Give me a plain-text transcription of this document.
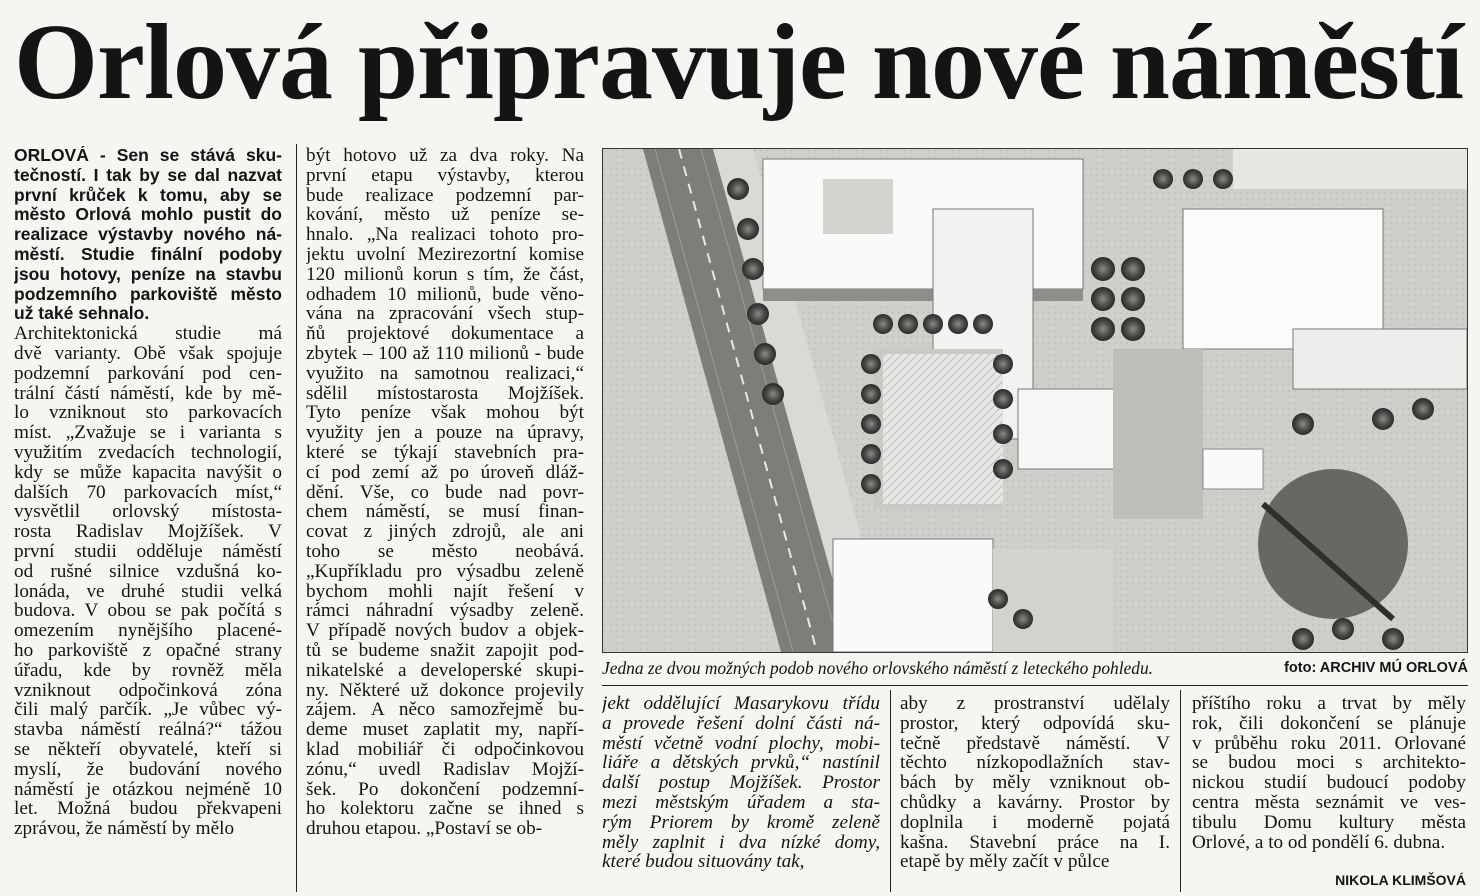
Orlová připravuje nové náměstí

ORLOVÁ - Sen se stává sku-

tečností. I tak by se dal nazvat

první krůček k tomu, aby se

město Orlová mohlo pustit do

realizace výstavby nového ná-

městí. Studie finální podoby

jsou hotovy, peníze na stavbu

podzemního parkoviště město

už také sehnalo.

Architektonická studie má

dvě varianty. Obě však spojuje

podzemní parkování pod cen-

trální částí náměstí, kde by mě-

lo vzniknout sto parkovacích

míst. „Zvažuje se i varianta s

využitím zvedacích technologií,

kdy se může kapacita navýšit o

dalších 70 parkovacích míst,“

vysvětlil orlovský místosta-

rosta Radislav Mojžíšek. V

první studii odděluje náměstí

od rušné silnice vzdušná ko-

lonáda, ve druhé studii velká

budova. V obou se pak počítá s

omezením nynějšího placené-

ho parkoviště z opačné strany

úřadu, kde by rovněž měla

vzniknout odpočinková zóna

čili malý parčík. „Je vůbec vý-

stavba náměstí reálná?“ tážou

se někteří obyvatelé, kteří si

myslí, že budování nového

náměstí je otázkou nejméně 10

let. Možná budou překvapeni

zprávou, že náměstí by mělo

být hotovo už za dva roky. Na

první etapu výstavby, kterou

bude realizace podzemní par-

kování, město už peníze se-

hnalo. „Na realizaci tohoto pro-

jektu uvolní Mezirezortní komise

120 milionů korun s tím, že část,

odhadem 10 milionů, bude věno-

vána na zpracování všech stup-

ňů projektové dokumentace a

zbytek – 100 až 110 milionů - bude

využito na samotnou realizaci,“

sdělil místostarosta Mojžíšek.

Tyto peníze však mohou být

využity jen a pouze na úpravy,

které se týkají stavebních pra-

cí pod zemí až po úroveň dláž-

dění. Vše, co bude nad povr-

chem náměstí, se musí finan-

covat z jiných zdrojů, ale ani

toho se město neobává.

„Kupříkladu pro výsadbu zeleně

bychom mohli najít řešení v

rámci náhradní výsadby zeleně.

V případě nových budov a objek-

tů se budeme snažit zapojit pod-

nikatelské a developerské skupi-

ny. Některé už dokonce projevily

zájem. A něco samozřejmě bu-

deme muset zaplatit my, napří-

klad mobiliář či odpočinkovou

zónu,“ uvedl Radislav Mojží-

šek. Po dokončení podzemní-

ho kolektoru začne se ihned s

druhou etapou. „Postaví se ob-

Jedna ze dvou možných podob nového orlovského náměstí z leteckého pohledu.	foto: ARCHIV MÚ ORLOVÁ

jekt oddělující Masarykovu třídu

a provede řešení dolní části ná-

městí včetně vodní plochy, mobi-

liáře a dětských prvků,“ nastínil

další postup Mojžíšek. Prostor

mezi městským úřadem a sta-

rým Priorem by kromě zeleně

měly zaplnit i dva nízké domy,

které budou situovány tak,

aby z prostranství udělaly

prostor, který odpovídá sku-

tečně představě náměstí. V

těchto nízkopodlažních stav-

bách by měly vzniknout ob-

chůdky a kavárny. Prostor by

doplnila i moderně pojatá

kašna. Stavební práce na I.

etapě by měly začít v půlce

příštího roku a trvat by měly

rok, čili dokončení se plánuje

v průběhu roku 2011. Orlované

se budou moci s architekto-

nickou studií budoucí podoby

centra města seznámit ve ves-

tibulu Domu kultury města

Orlové, a to od pondělí 6. dubna.

NIKOLA KLIMŠOVÁ
